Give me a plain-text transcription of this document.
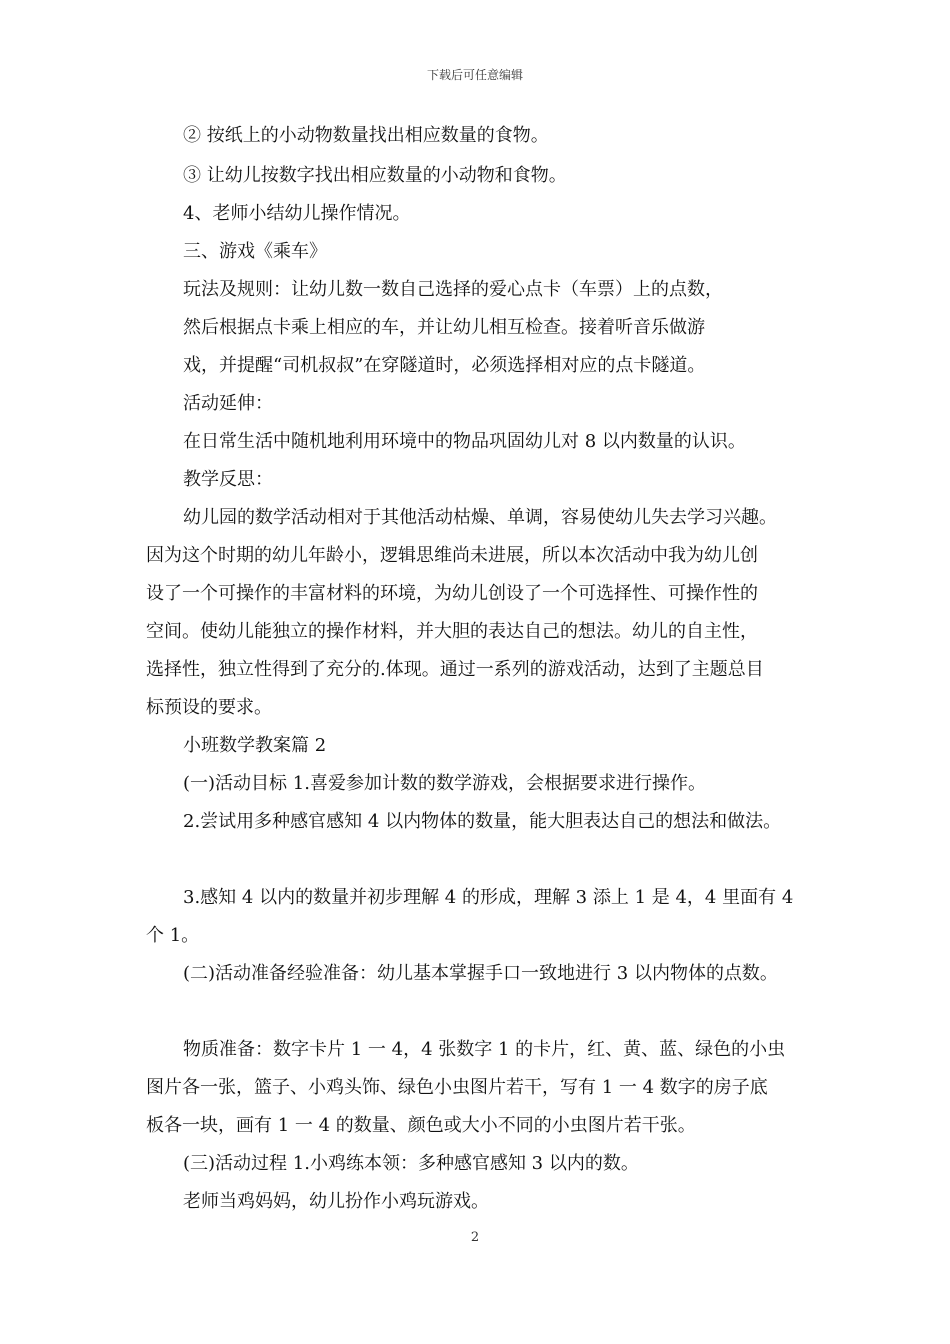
下载后可任意编辑
② 按纸上的小动物数量找出相应数量的食物。
③ 让幼儿按数字找出相应数量的小动物和食物。
4、老师小结幼儿操作情况。
三、游戏《乘车》
玩法及规则：让幼儿数一数自己选择的爱心点卡（车票）上的点数，
然后根据点卡乘上相应的车，并让幼儿相互检查。接着听音乐做游
戏，并提醒“司机叔叔”在穿隧道时，必须选择相对应的点卡隧道。
活动延伸：
在日常生活中随机地利用环境中的物品巩固幼儿对 8 以内数量的认识。
教学反思：
幼儿园的数学活动相对于其他活动枯燥、单调，容易使幼儿失去学习兴趣。
因为这个时期的幼儿年龄小，逻辑思维尚未进展，所以本次活动中我为幼儿创
设了一个可操作的丰富材料的环境，为幼儿创设了一个可选择性、可操作性的
空间。使幼儿能独立的操作材料，并大胆的表达自己的想法。幼儿的自主性，
选择性，独立性得到了充分的.体现。通过一系列的游戏活动，达到了主题总目
标预设的要求。
小班数学教案篇 2
(一)活动目标 1.喜爱参加计数的数学游戏，会根据要求进行操作。
2.尝试用多种感官感知 4 以内物体的数量，能大胆表达自己的想法和做法。
3.感知 4 以内的数量并初步理解 4 的形成，理解 3 添上 1 是 4，4 里面有 4
个 1。
(二)活动准备经验准备：幼儿基本掌握手口一致地进行 3 以内物体的点数。
物质准备：数字卡片 1 一 4，4 张数字 1 的卡片，红、黄、蓝、绿色的小虫
图片各一张，篮子、小鸡头饰、绿色小虫图片若干，写有 1 一 4 数字的房子底
板各一块，画有 1 一 4 的数量、颜色或大小不同的小虫图片若干张。
(三)活动过程 1.小鸡练本领：多种感官感知 3 以内的数。
老师当鸡妈妈，幼儿扮作小鸡玩游戏。
2
